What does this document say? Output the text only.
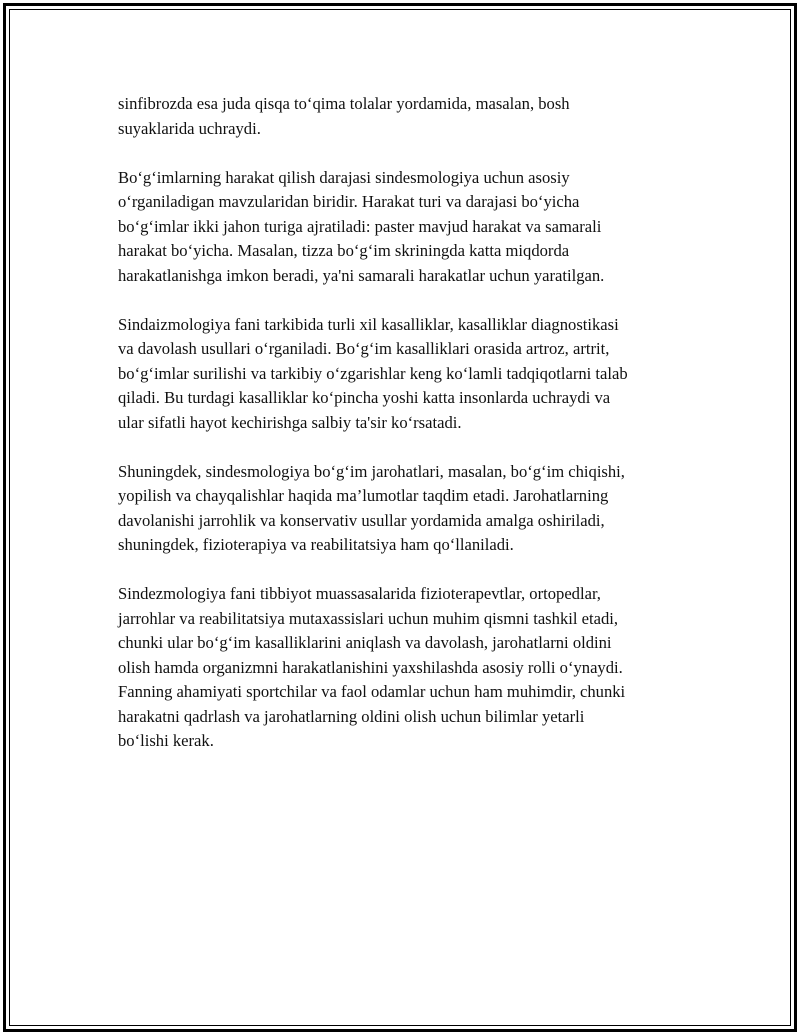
sinfibrozda esa juda qisqa to‘qima tolalar yordamida, masalan, bosh
suyaklarida uchraydi.

Bo‘g‘imlarning harakat qilish darajasi sindesmologiya uchun asosiy
o‘rganiladigan mavzularidan biridir. Harakat turi va darajasi bo‘yicha
bo‘g‘imlar ikki jahon turiga ajratiladi: paster mavjud harakat va samarali
harakat bo‘yicha. Masalan, tizza bo‘g‘im skriningda katta miqdorda
harakatlanishga imkon beradi, ya'ni samarali harakatlar uchun yaratilgan.

Sindaizmologiya fani tarkibida turli xil kasalliklar, kasalliklar diagnostikasi
va davolash usullari o‘rganiladi. Bo‘g‘im kasalliklari orasida artroz, artrit,
bo‘g‘imlar surilishi va tarkibiy o‘zgarishlar keng ko‘lamli tadqiqotlarni talab
qiladi. Bu turdagi kasalliklar ko‘pincha yoshi katta insonlarda uchraydi va
ular sifatli hayot kechirishga salbiy ta'sir ko‘rsatadi.

Shuningdek, sindesmologiya bo‘g‘im jarohatlari, masalan, bo‘g‘im chiqishi,
yopilish va chayqalishlar haqida ma’lumotlar taqdim etadi. Jarohatlarning
davolanishi jarrohlik va konservativ usullar yordamida amalga oshiriladi,
shuningdek, fizioterapiya va reabilitatsiya ham qo‘llaniladi.

Sindezmologiya fani tibbiyot muassasalarida fizioterapevtlar, ortopedlar,
jarrohlar va reabilitatsiya mutaxassislari uchun muhim qismni tashkil etadi,
chunki ular bo‘g‘im kasalliklarini aniqlash va davolash, jarohatlarni oldini
olish hamda organizmni harakatlanishini yaxshilashda asosiy rolli o‘ynaydi.
Fanning ahamiyati sportchilar va faol odamlar uchun ham muhimdir, chunki
harakatni qadrlash va jarohatlarning oldini olish uchun bilimlar yetarli
bo‘lishi kerak.
